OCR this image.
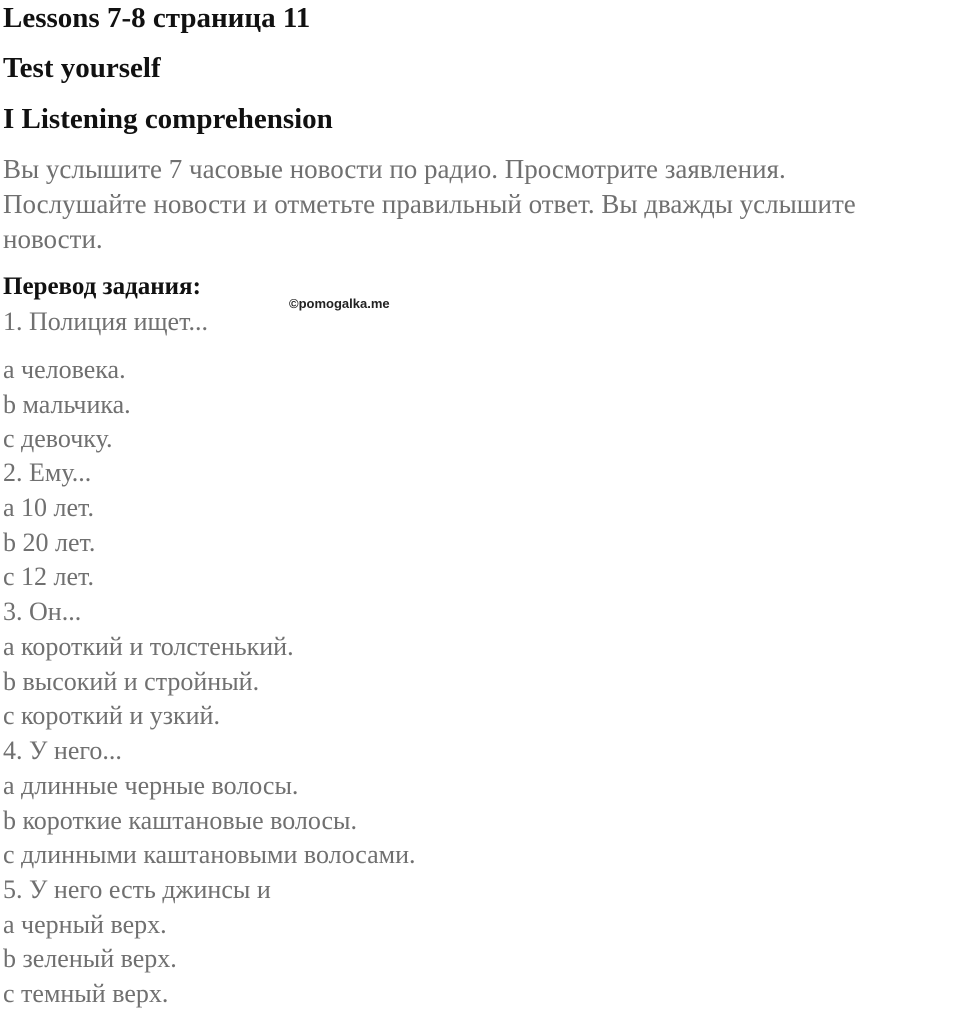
Lessons 7-8 страница 11
Test yourself
I Listening comprehension
Вы услышите 7 часовые новости по радио. Просмотрите заявления.
Послушайте новости и отметьте правильный ответ. Вы дважды услышите
новости.
Перевод задания:
©pomogalka.me
1. Полиция ищет...
a человека.
b мальчика.
c девочку.
2. Ему...
a 10 лет.
b 20 лет.
c 12 лет.
3. Он...
a короткий и толстенький.
b высокий и стройный.
c короткий и узкий.
4. У него...
a длинные черные волосы.
b короткие каштановые волосы.
c длинными каштановыми волосами.
5. У него есть джинсы и
a черный верх.
b зеленый верх.
c темный верх.
